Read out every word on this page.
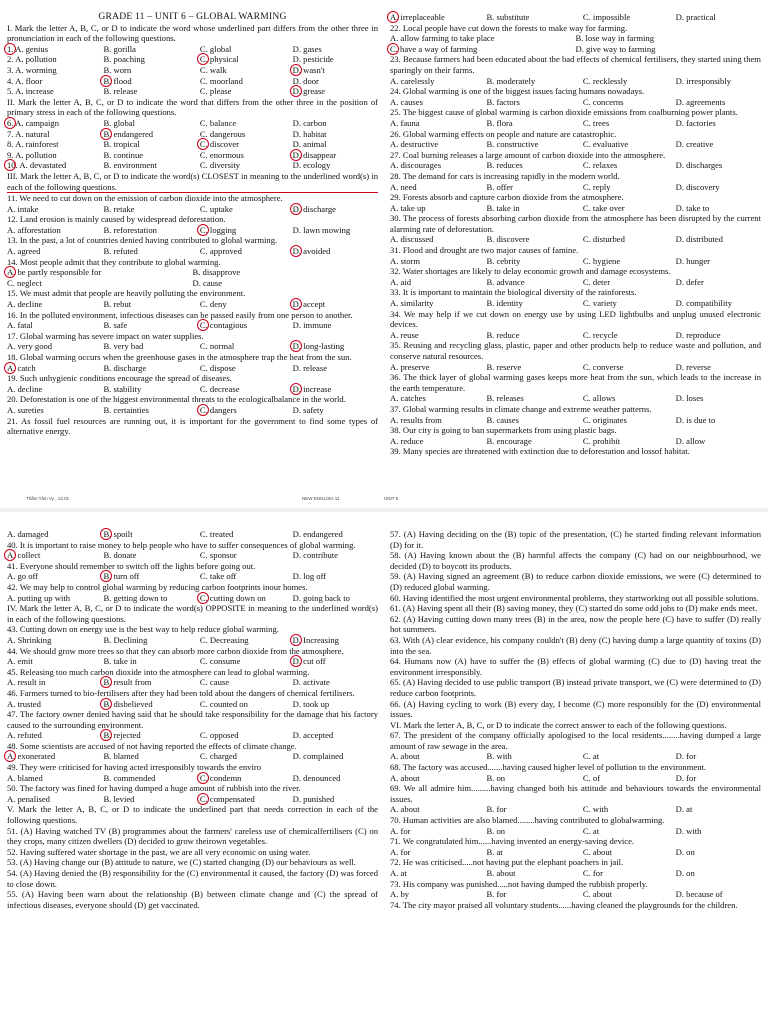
GRADE 11 – UNIT 6 – GLOBAL WARMING
I. Mark the letter A, B, C, or D to indicate the word whose underlined part differs from the other three in pronunciation in each of the following questions.
1. A. genius	B. gorilla	C. global	D. gases
2. A. pollution	B. poaching	C. physical	D. pesticide
3. A. worming	B. worn	C. walk	D. wasn't
4. A. floor	B. flood	C. moorland	D. door
5. A. increase	B. release	C. please	D. grease
II. Mark the letter A, B, C, or D to indicate the word that differs from the other three in the position of primary stress in each of the following questions.
6. A. campaign	B. global	C. balance	D. carbon
7. A. natural	B. endangered	C. dangerous	D. habitat
8. A. rainforest	B. tropical	C. discover	D. animal
9. A. pollution	B. continue	C. enormous	D. disappear
10. A. devastated	B. environment	C. diversity	D. ecology
III. Mark the letter A, B, C, or D to indicate the word(s) CLOSEST in meaning to the underlined word(s) in each of the following questions.
11. We need to cut down on the emission of carbon dioxide into the atmosphere.
A. intake	B. retake	C. uptake	D. discharge
12. Land erosion is mainly caused by widespread deforestation.
A. afforestation	B. reforestation	C. logging	D. lawn mowing
13. In the past, a lot of countries denied having contributed to global warming.
A. agreed	B. refuted	C. approved	D. avoided
14. Most people admit that they contribute to global warming.
A. be partly responsible for	B. disapprove
C. neglect	D. cause
15. We must admit that people are heavily polluting the environment.
A. decline	B. rebut	C. deny	D. accept
16. In the polluted environment, infectious diseases can be passed easily from one person to another.
A. fatal	B. safe	C. contagious	D. immune
17. Global warming has severe impact on water supplies.
A. very good	B. very bad	C. normal	D. long-lasting
18. Global warming occurs when the greenhouse gases in the atmosphere trap the heat from the sun.
A. catch	B. discharge	C. dispose	D. release
19. Such unhygienic conditions encourage the spread of diseases.
A. decline	B. stability	C. decrease	D. increase
20. Deforestation is one of the biggest environmental threats to the ecologicalbalance in the world.
A. sureties	B. certainties	C. dangers	D. safety
21. As fossil fuel resources are running out, it is important for the government to find some types of alternative energy.
A. irreplaceable	B. substitute	C. impossible	D. practical
22. Local people have cut down the forests to make way for farming.
A. allow farming to take place	B. lose way in farming
C. have a way of farming	D. give way to farming
23. Because farmers had been educated about the bad effects of chemical fertilisers, they started using them sparingly on their farms.
A. carelessly	B. moderately	C. recklessly	D. irresponsibly
24. Global warming is one of the biggest issues facing humans nowadays.
A. causes	B. factors	C. concerns	D. agreements
25. The biggest cause of global warming is carbon dioxide emissions from coalburning power plants.
A. fauna	B. flora	C. trees	D. factories
26. Global warming effects on people and nature are catastrophic.
A. destructive	B. constructive	C. evaluative	D. creative
27. Coal burning releases a large amount of carbon dioxide into the atmosphere.
A. discourages	B. reduces	C. relaxes	D. discharges
28. The demand for cars is increasing rapidly in the modern world.
A. need	B. offer	C. reply	D. discovery
29. Forests absorb and capture carbon dioxide from the atmosphere.
A. take up	B. take in	C. take over	D. take to
30. The process of forests absorbing carbon dioxide from the atmosphere has been disrupted by the current alarming rate of deforestation.
A. discussed	B. discovere	C. disturbed	D. distributed
31. Flood and drought are two major causes of famine.
A. storm	B. cebrity	C. hygiene	D. hunger
32. Water shortages are likely to delay economic growth and damage ecosystems.
A. aid	B. advance	C. deter	D. defer
33. It is important to maintain the biological diversity of the rainforests.
A. similarity	B. identity	C. variety	D. compatibility
34. We may help if we cut down on energy use by using LED lightbulbs and unplug unused electronic devices.
A. reuse	B. reduce	C. recycle	D. reproduce
35. Reusing and recycling glass, plastic, paper and other products help to reduce waste and pollution, and conserve natural resources.
A. preserve	B. reserve	C. converse	D. reverse
36. The thick layer of global warming gases keeps more heat from the sun, which leads to the increase in the earth temperature.
A. catches	B. releases	C. allows	D. loses
37. Global warming results in climate change and extreme weather patterns.
A. results from	B. causes	C. originates	D. is due to
38. Our city is going to ban supermarkets from using plastic bags.
A. reduce	B. encourage	C. prohibit	D. allow
39. Many species are threatened with extinction due to deforestation and lossof habitat.
Thầm Tâm Vy , 13.01	NEW ENGLISH 11	UNIT 6
A. damaged	B. spoilt	C. treated	D. endangered
40. It is important to raise money to help people who have to suffer consequences of global warming.
A. collect	B. donate	C. sponsor	D. contribute
41. Everyone should remember to switch off the lights before going out.
A. go off	B. turn off	C. take off	D. log off
42. We may help to control global warming by reducing carbon footprints inour homes.
A. putting up with	B. getting down to	C. cutting down on	D. going back to
IV. Mark the letter A, B, C, or D to indicate the word(s) OPPOSITE in meaning to the underlined word(s) in each of the following questions.
43. Cutting down on energy use is the best way to help reduce global warming.
A. Shrinking	B. Declining	C. Decreasing	D. Increasing
44. We should grow more trees so that they can absorb more carbon dioxide from the atmosphere.
A. emit	B. take in	C. consume	D. cut off
45. Releasing too much carbon dioxide into the atmosphere can lead to global warming.
A. result in	B. result from	C. cause	D. activate
46. Farmers turned to bio-fertilisers after they had been told about the dangers of chemical fertilisers.
A. trusted	B. disbelieved	C. counted on	D. took up
47. The factory owner denied having said that he should take responsibility for the damage that his factory caused to the surrounding environment.
A. refuted	B. rejected	C. opposed	D. accepted
48. Some scientists are accused of not having reported the effects of climate change.
A. exonerated	B. blamed	C. charged	D. complained
49. They were criticised for having acted irresponsibly towards the enviro
A. blamed	B. commended	C. condemn	D. denounced
50. The factory was fined for having dumped a huge amount of rubbish into the river.
A. penalised	B. levied	C. compensated	D. punished
V. Mark the letter A, B, C, or D to indicate the underlined part that needs correction in each of the following questions.
51. (A) Having watched TV (B) programmes about the farmers' careless use of chemicalfertilisers (C) on they crops, many citizen dwellers (D) decided to grow theirown vegetables.
52. Having suffered water shortage in the past, we are all very economic on using water.
53. (A) Having change our (B) attitude to nature, we (C) started changing (D) our behaviours as well.
54. (A) Having denied the (B) responsibility for the (C) environmental it caused, the factory (D) was forced to close down.
55. (A) Having been warn about the relationship (B) between climate change and (C) the spread of infectious diseases, everyone should (D) get vaccinated.
57. (A) Having deciding on the (B) topic of the presentation, (C) he started finding relevant information (D) for it.
58. (A) Having known about the (B) harmful affects the company (C) had on our neighbourhood, we decided (D) to boycott its products.
59. (A) Having signed an agreement (B) to reduce carbon dioxide emissions, we were (C) determined to (D) reduced global warming.
60. Having identified the most urgent environmental problems, they startworking out all possible solutions.
61. (A) Having spent all their (B) saving money, they (C) started do some odd jobs to (D) make ends meet.
62. (A) Having cutting down many trees (B) in the area, now the people here (C) have to suffer (D) really hot summers.
63. With (A) clear evidence, his company couldn't (B) deny (C) having dump a large quantity of toxins (D) into the sea.
64. Humans now (A) have to suffer the (B) effects of global warming (C) due to (D) having treat the environment irresponsibly.
65. (A) Having decided to use public transport (B) instead private transport, we (C) were determined to (D) reduce carbon footprints.
66. (A) Having cycling to work (B) every day, I become (C) more responsibly for the (D) environmental issues.
VI. Mark the letter A, B, C, or D to indicate the correct answer to each of the following questions.
67. The president of the company officially apologised to the local residents........having dumped a large amount of raw sewage in the area.
A. about	B. with	C. at	D. for
68. The factory was accused.......having caused higher level of pollution to the environment.
A. about	B. on	C. of	D. for
69. We all admire him.........having changed both his attitude and behaviours towards the environmental issues.
A. about	B. for	C. with	D. at
70. Human activities are also blamed........having contributed to globalwarming.
A. for	B. on	C. at	D. with
71. We congratulated him......having invented an energy-saving device.
A. for	B. at	C. about	D. on
72. He was criticised.....not having put the elephant poachers in jail.
A. at	B. about	C. for	D. on
73. His company was punished.....not having dumped the rubbish properly.
A. by	B. for	C. about	D. because of
74. The city mayor praised all voluntary students......having cleaned the playgrounds for the children.
